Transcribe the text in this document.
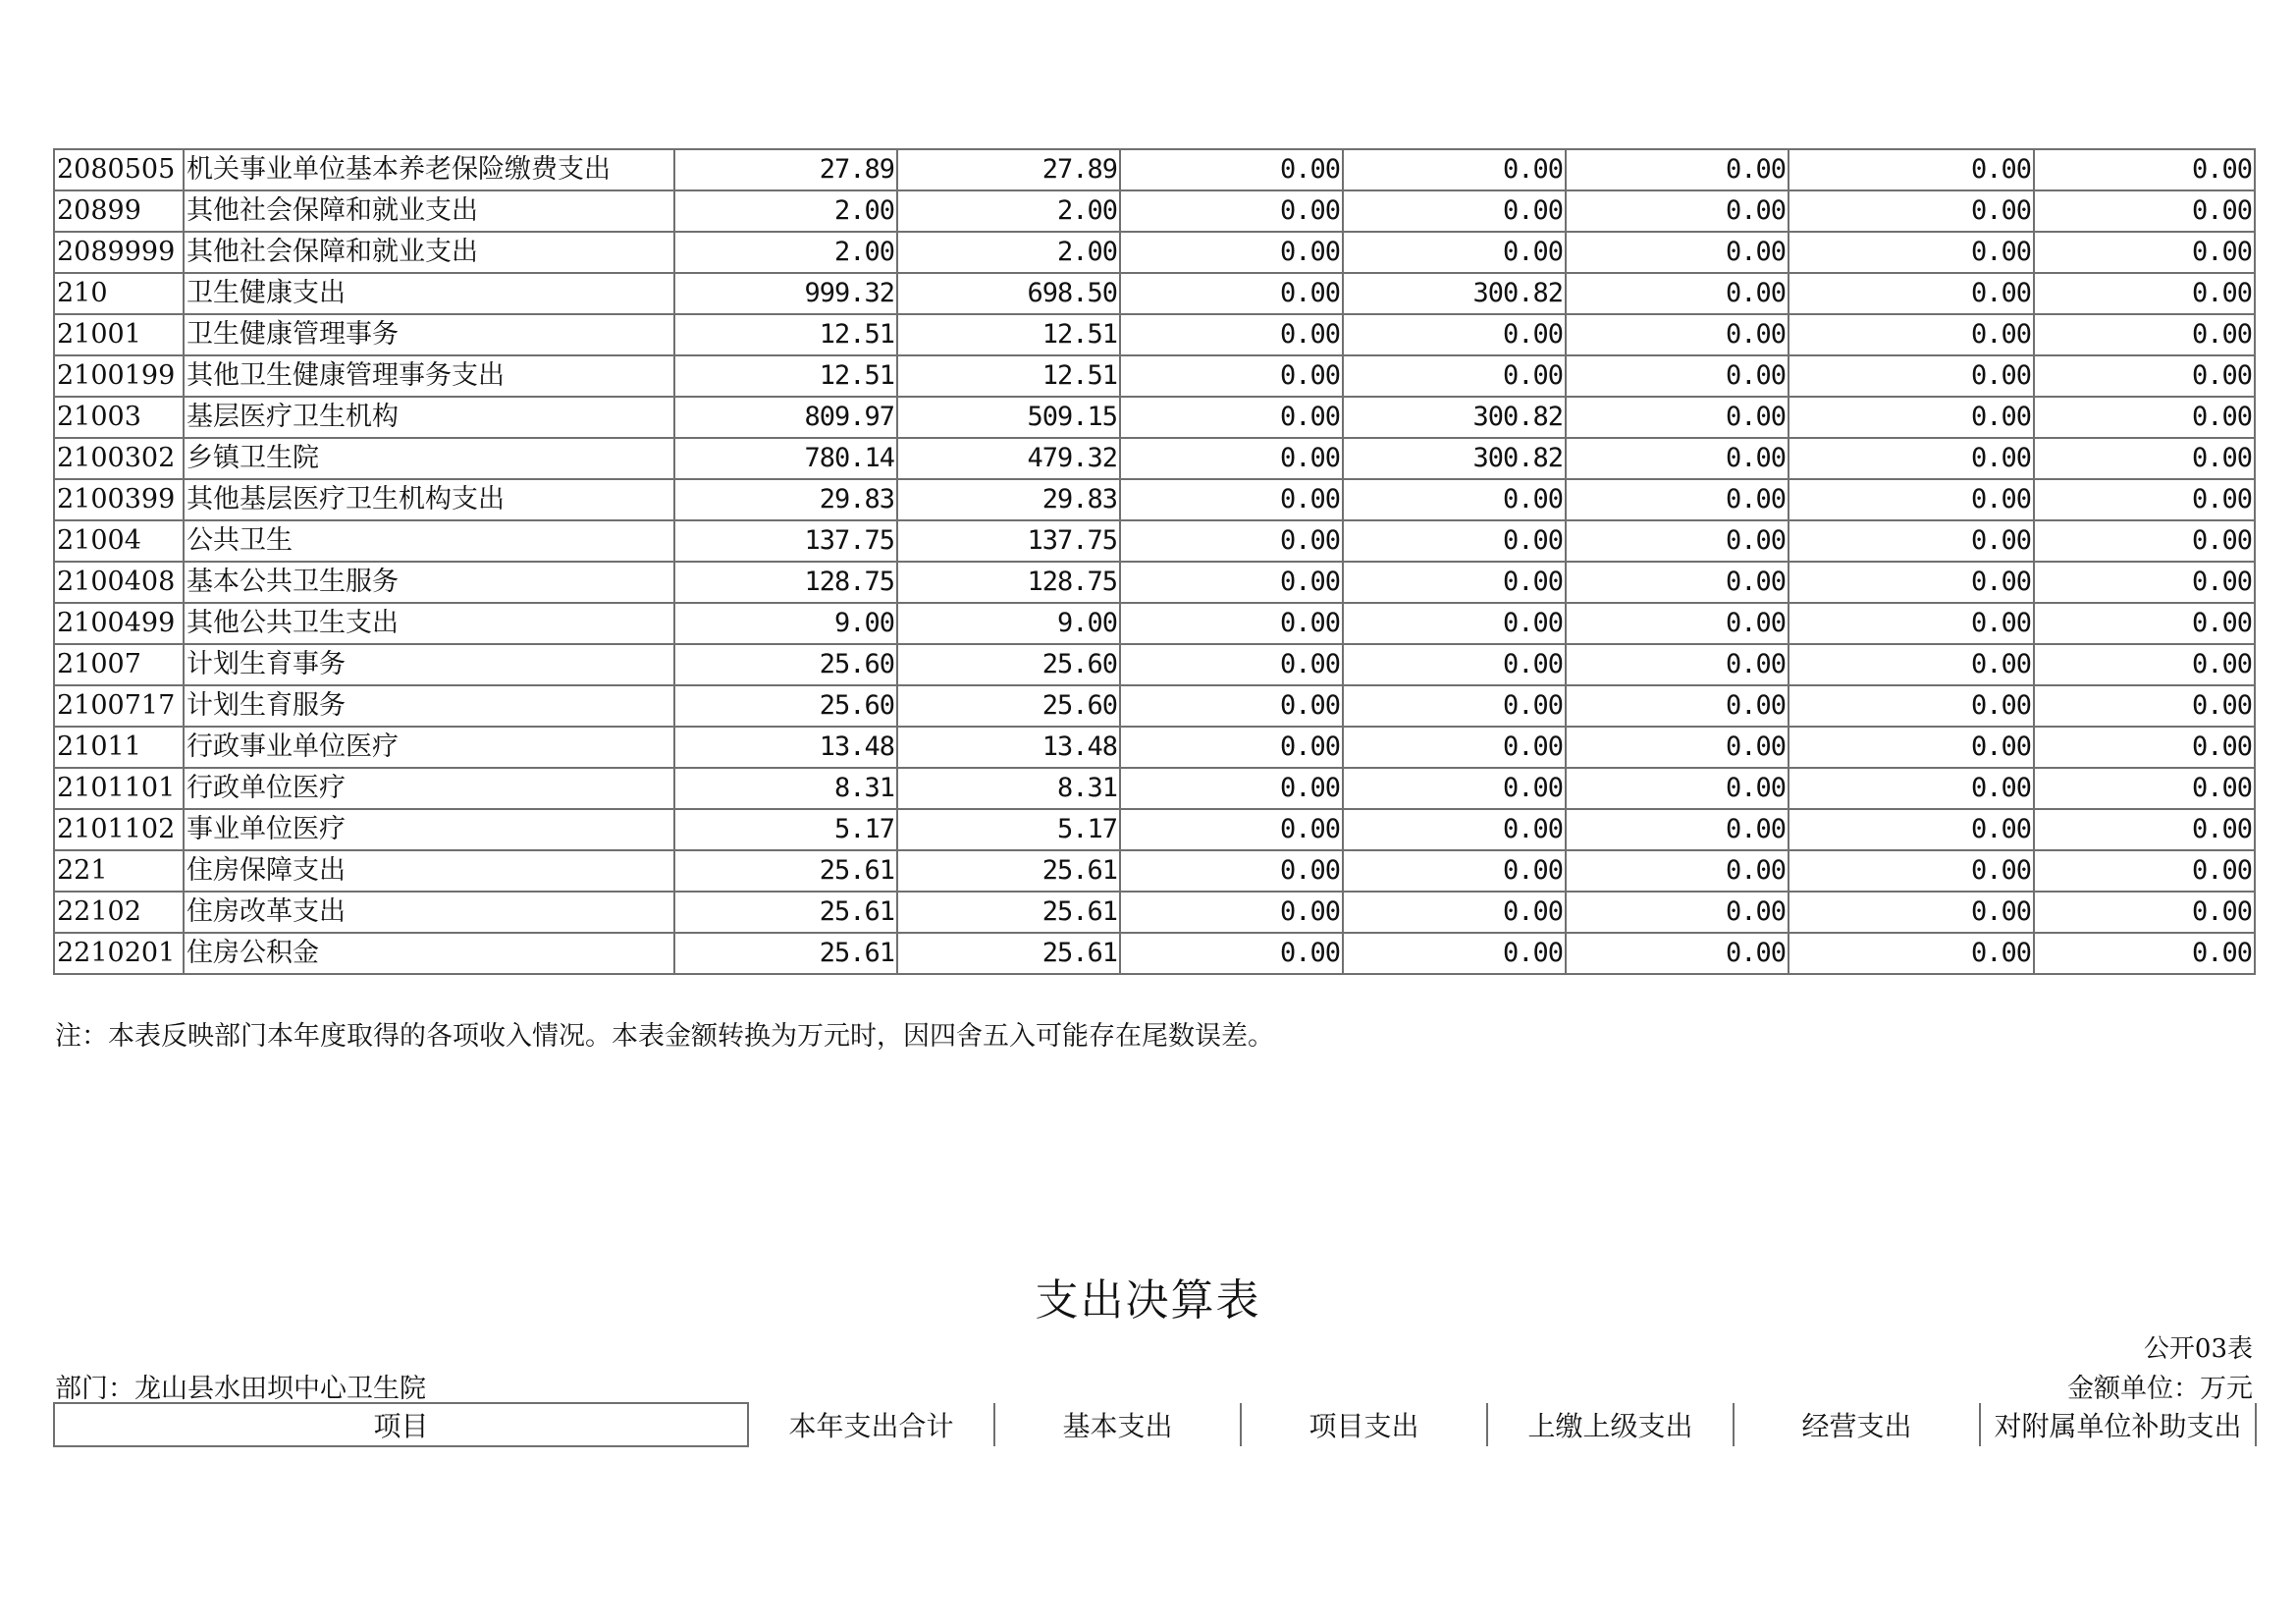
2080505	机关事业单位基本养老保险缴费支出	27.89	27.89	0.00	0.00	0.00	0.00	0.00
20899	其他社会保障和就业支出	2.00	2.00	0.00	0.00	0.00	0.00	0.00
2089999	其他社会保障和就业支出	2.00	2.00	0.00	0.00	0.00	0.00	0.00
210	卫生健康支出	999.32	698.50	0.00	300.82	0.00	0.00	0.00
21001	卫生健康管理事务	12.51	12.51	0.00	0.00	0.00	0.00	0.00
2100199	其他卫生健康管理事务支出	12.51	12.51	0.00	0.00	0.00	0.00	0.00
21003	基层医疗卫生机构	809.97	509.15	0.00	300.82	0.00	0.00	0.00
2100302	乡镇卫生院	780.14	479.32	0.00	300.82	0.00	0.00	0.00
2100399	其他基层医疗卫生机构支出	29.83	29.83	0.00	0.00	0.00	0.00	0.00
21004	公共卫生	137.75	137.75	0.00	0.00	0.00	0.00	0.00
2100408	基本公共卫生服务	128.75	128.75	0.00	0.00	0.00	0.00	0.00
2100499	其他公共卫生支出	9.00	9.00	0.00	0.00	0.00	0.00	0.00
21007	计划生育事务	25.60	25.60	0.00	0.00	0.00	0.00	0.00
2100717	计划生育服务	25.60	25.60	0.00	0.00	0.00	0.00	0.00
21011	行政事业单位医疗	13.48	13.48	0.00	0.00	0.00	0.00	0.00
2101101	行政单位医疗	8.31	8.31	0.00	0.00	0.00	0.00	0.00
2101102	事业单位医疗	5.17	5.17	0.00	0.00	0.00	0.00	0.00
221	住房保障支出	25.61	25.61	0.00	0.00	0.00	0.00	0.00
22102	住房改革支出	25.61	25.61	0.00	0.00	0.00	0.00	0.00
2210201	住房公积金	25.61	25.61	0.00	0.00	0.00	0.00	0.00
注：本表反映部门本年度取得的各项收入情况。本表金额转换为万元时，因四舍五入可能存在尾数误差。
支出决算表
公开03表
部门：龙山县水田坝中心卫生院	金额单位：万元
项目	本年支出合计	基本支出	项目支出	上缴上级支出	经营支出	对附属单位补助支出
